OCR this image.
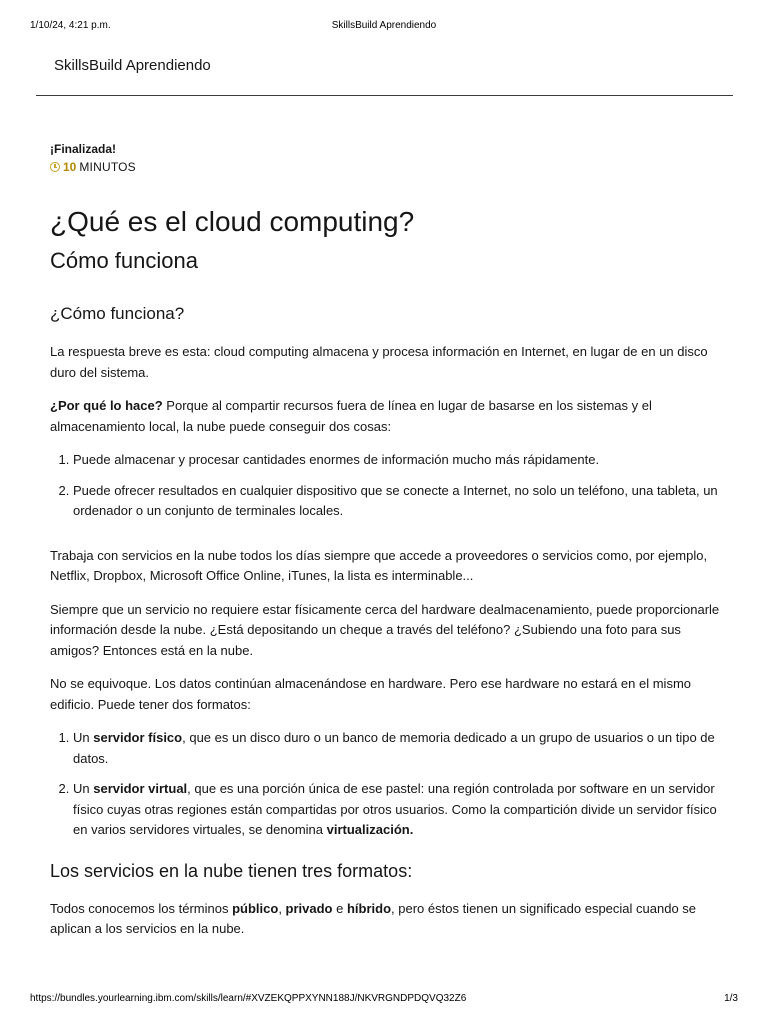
1/10/24, 4:21 p.m.	SkillsBuild Aprendiendo
SkillsBuild Aprendiendo
¡Finalizada!
10 MINUTOS
¿Qué es el cloud computing?
Cómo funciona
¿Cómo funciona?

La respuesta breve es esta: cloud computing almacena y procesa información en Internet, en lugar de en un disco duro del sistema.

¿Por qué lo hace? Porque al compartir recursos fuera de línea en lugar de basarse en los sistemas y el almacenamiento local, la nube puede conseguir dos cosas:

1. Puede almacenar y procesar cantidades enormes de información mucho más rápidamente.
2. Puede ofrecer resultados en cualquier dispositivo que se conecte a Internet, no solo un teléfono, una tableta, un ordenador o un conjunto de terminales locales.

Trabaja con servicios en la nube todos los días siempre que accede a proveedores o servicios como, por ejemplo, Netflix, Dropbox, Microsoft Office Online, iTunes, la lista es interminable...

Siempre que un servicio no requiere estar físicamente cerca del hardware dealmacenamiento, puede proporcionarle información desde la nube. ¿Está depositando un cheque a través del teléfono? ¿Subiendo una foto para sus amigos? Entonces está en la nube.

No se equivoque. Los datos continúan almacenándose en hardware. Pero ese hardware no estará en el mismo edificio. Puede tener dos formatos:

1. Un servidor físico, que es un disco duro o un banco de memoria dedicado a un grupo de usuarios o un tipo de datos.
2. Un servidor virtual, que es una porción única de ese pastel: una región controlada por software en un servidor físico cuyas otras regiones están compartidas por otros usuarios. Como la compartición divide un servidor físico en varios servidores virtuales, se denomina virtualización.
Los servicios en la nube tienen tres formatos:

Todos conocemos los términos público, privado e híbrido, pero éstos tienen un significado especial cuando se aplican a los servicios en la nube.

https://bundles.yourlearning.ibm.com/skills/learn/#XVZEKQPPXYNN188J/NKVRGNDPDQVQ32Z6	1/3
